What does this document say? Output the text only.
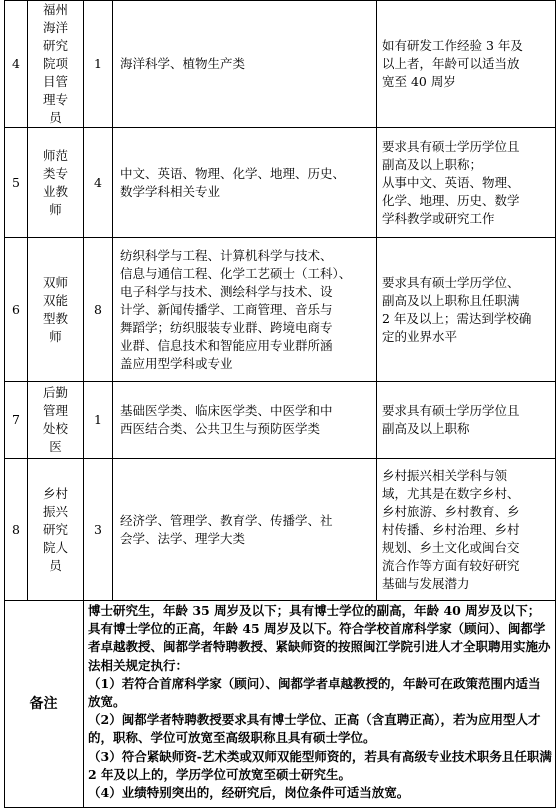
4
福州
海洋
研究
院项
目管
理专
员
1 海洋科学、植物生产类
如有研发工作经验 3 年及
以上者，年龄可以适当放
宽至 40 周岁
5
师范
类专
业教
师
4
中文、英语、物理、化学、地理、历史、
数学学科相关专业
要求具有硕士学历学位且
副高及以上职称；
从事中文、英语、物理、
化学、地理、历史、数学
学科教学或研究工作
6
双师
双能
型教
师
8
纺织科学与工程、计算机科学与技术、
信息与通信工程、化学工艺硕士（工科）、
电子科学与技术、测绘科学与技术、设
计学、新闻传播学、工商管理、音乐与
舞蹈学；纺织服装专业群、跨境电商专
业群、信息技术和智能应用专业群所涵
盖应用型学科或专业
要求具有硕士学历学位、
副高及以上职称且任职满
2 年及以上；需达到学校确
定的业界水平
7
后勤
管理
处校
医
1
基础医学类、临床医学类、中医学和中
西医结合类、公共卫生与预防医学类
要求具有硕士学历学位且
副高及以上职称
8
乡村
振兴
研究
院人
员
3
经济学、管理学、教育学、传播学、社
会学、法学、理学大类
乡村振兴相关学科与领
域，尤其是在数字乡村、
乡村旅游、乡村教育、乡
村传播、乡村治理、乡村
规划、乡土文化或闽台交
流合作等方面有较好研究
基础与发展潜力
备注
博士研究生，年龄 35 周岁及以下；具有博士学位的副高，年龄 40 周岁及以下；具有博士学位的正高，年龄 45 周岁及以下。符合学校首席科学家（顾问）、闽都学者卓越教授、闽都学者特聘教授、紧缺师资的按照闽江学院引进人才全职聘用实施办法相关规定执行：
（1）若符合首席科学家（顾问）、闽都学者卓越教授的，年龄可在政策范围内适当放宽。
（2）闽都学者特聘教授要求具有博士学位、正高（含直聘正高），若为应用型人才的，职称、学位可放宽至高级职称且具有硕士学位。
（3）符合紧缺师资-艺术类或双师双能型师资的，若具有高级专业技术职务且任职满 2 年及以上的，学历学位可放宽至硕士研究生。
（4）业绩特别突出的，经研究后，岗位条件可适当放宽。
